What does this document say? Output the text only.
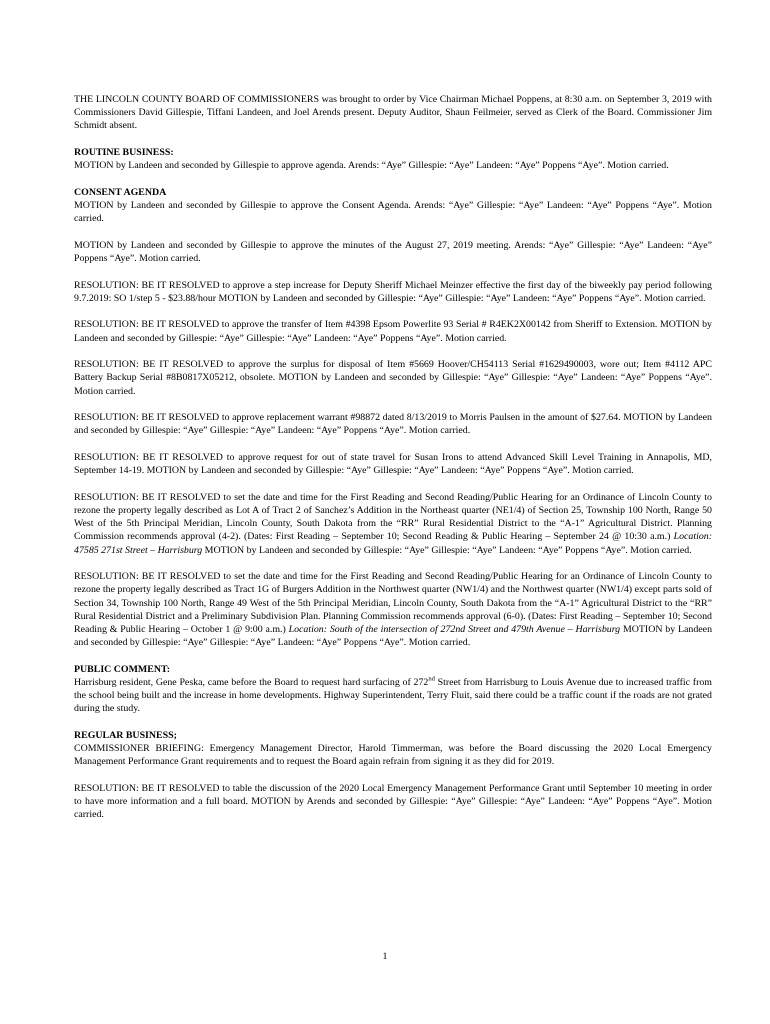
THE LINCOLN COUNTY BOARD OF COMMISSIONERS was brought to order by Vice Chairman Michael Poppens, at 8:30 a.m. on September 3, 2019 with Commissioners David Gillespie, Tiffani Landeen, and Joel Arends present. Deputy Auditor, Shaun Feilmeier, served as Clerk of the Board. Commissioner Jim Schmidt absent.

ROUTINE BUSINESS:
MOTION by Landeen and seconded by Gillespie to approve agenda. Arends: “Aye” Gillespie: “Aye” Landeen: “Aye” Poppens “Aye”. Motion carried.
CONSENT AGENDA
MOTION by Landeen and seconded by Gillespie to approve the Consent Agenda. Arends: “Aye” Gillespie: “Aye” Landeen: “Aye” Poppens “Aye”. Motion carried.

MOTION by Landeen and seconded by Gillespie to approve the minutes of the August 27, 2019 meeting. Arends: “Aye” Gillespie: “Aye” Landeen: “Aye” Poppens “Aye”. Motion carried.

RESOLUTION: BE IT RESOLVED to approve a step increase for Deputy Sheriff Michael Meinzer effective the first day of the biweekly pay period following 9.7.2019: SO 1/step 5 - $23.88/hour MOTION by Landeen and seconded by Gillespie: “Aye” Gillespie: “Aye” Landeen: “Aye” Poppens “Aye”. Motion carried.

RESOLUTION: BE IT RESOLVED to approve the transfer of Item #4398 Epsom Powerlite 93 Serial # R4EK2X00142 from Sheriff to Extension. MOTION by Landeen and seconded by Gillespie: “Aye” Gillespie: “Aye” Landeen: “Aye” Poppens “Aye”. Motion carried.

RESOLUTION: BE IT RESOLVED to approve the surplus for disposal of Item #5669 Hoover/CH54113 Serial #1629490003, wore out; Item #4112 APC Battery Backup Serial #8B0817X05212, obsolete. MOTION by Landeen and seconded by Gillespie: “Aye” Gillespie: “Aye” Landeen: “Aye” Poppens “Aye”. Motion carried.

RESOLUTION: BE IT RESOLVED to approve replacement warrant #98872 dated 8/13/2019 to Morris Paulsen in the amount of $27.64. MOTION by Landeen and seconded by Gillespie: “Aye” Gillespie: “Aye” Landeen: “Aye” Poppens “Aye”. Motion carried.

RESOLUTION: BE IT RESOLVED to approve request for out of state travel for Susan Irons to attend Advanced Skill Level Training in Annapolis, MD, September 14-19. MOTION by Landeen and seconded by Gillespie: “Aye” Gillespie: “Aye” Landeen: “Aye” Poppens “Aye”. Motion carried.

RESOLUTION: BE IT RESOLVED to set the date and time for the First Reading and Second Reading/Public Hearing for an Ordinance of Lincoln County to rezone the property legally described as Lot A of Tract 2 of Sanchez’s Addition in the Northeast quarter (NE1/4) of Section 25, Township 100 North, Range 50 West of the 5th Principal Meridian, Lincoln County, South Dakota from the “RR” Rural Residential District to the “A-1” Agricultural District. Planning Commission recommends approval (4-2). (Dates: First Reading – September 10; Second Reading & Public Hearing – September 24 @ 10:30 a.m.) Location: 47585 271st Street – Harrisburg MOTION by Landeen and seconded by Gillespie: “Aye” Gillespie: “Aye” Landeen: “Aye” Poppens “Aye”. Motion carried.

RESOLUTION: BE IT RESOLVED to set the date and time for the First Reading and Second Reading/Public Hearing for an Ordinance of Lincoln County to rezone the property legally described as Tract 1G of Burgers Addition in the Northwest quarter (NW1/4) and the Northwest quarter (NW1/4) except parts sold of Section 34, Township 100 North, Range 49 West of the 5th Principal Meridian, Lincoln County, South Dakota from the “A-1” Agricultural District to the “RR” Rural Residential District and a Preliminary Subdivision Plan. Planning Commission recommends approval (6-0). (Dates: First Reading – September 10; Second Reading & Public Hearing – October 1 @ 9:00 a.m.) Location: South of the intersection of 272nd Street and 479th Avenue – Harrisburg MOTION by Landeen and seconded by Gillespie: “Aye” Gillespie: “Aye” Landeen: “Aye” Poppens “Aye”. Motion carried.

PUBLIC COMMENT:
Harrisburg resident, Gene Peska, came before the Board to request hard surfacing of 272nd Street from Harrisburg to Louis Avenue due to increased traffic from the school being built and the increase in home developments. Highway Superintendent, Terry Fluit, said there could be a traffic count if the roads are not grated during the study.
REGULAR BUSINESS;
COMMISSIONER BRIEFING: Emergency Management Director, Harold Timmerman, was before the Board discussing the 2020 Local Emergency Management Performance Grant requirements and to request the Board again refrain from signing it as they did for 2019.

RESOLUTION: BE IT RESOLVED to table the discussion of the 2020 Local Emergency Management Performance Grant until September 10 meeting in order to have more information and a full board. MOTION by Arends and seconded by Gillespie: “Aye” Gillespie: “Aye” Landeen: “Aye” Poppens “Aye”. Motion carried.

1
